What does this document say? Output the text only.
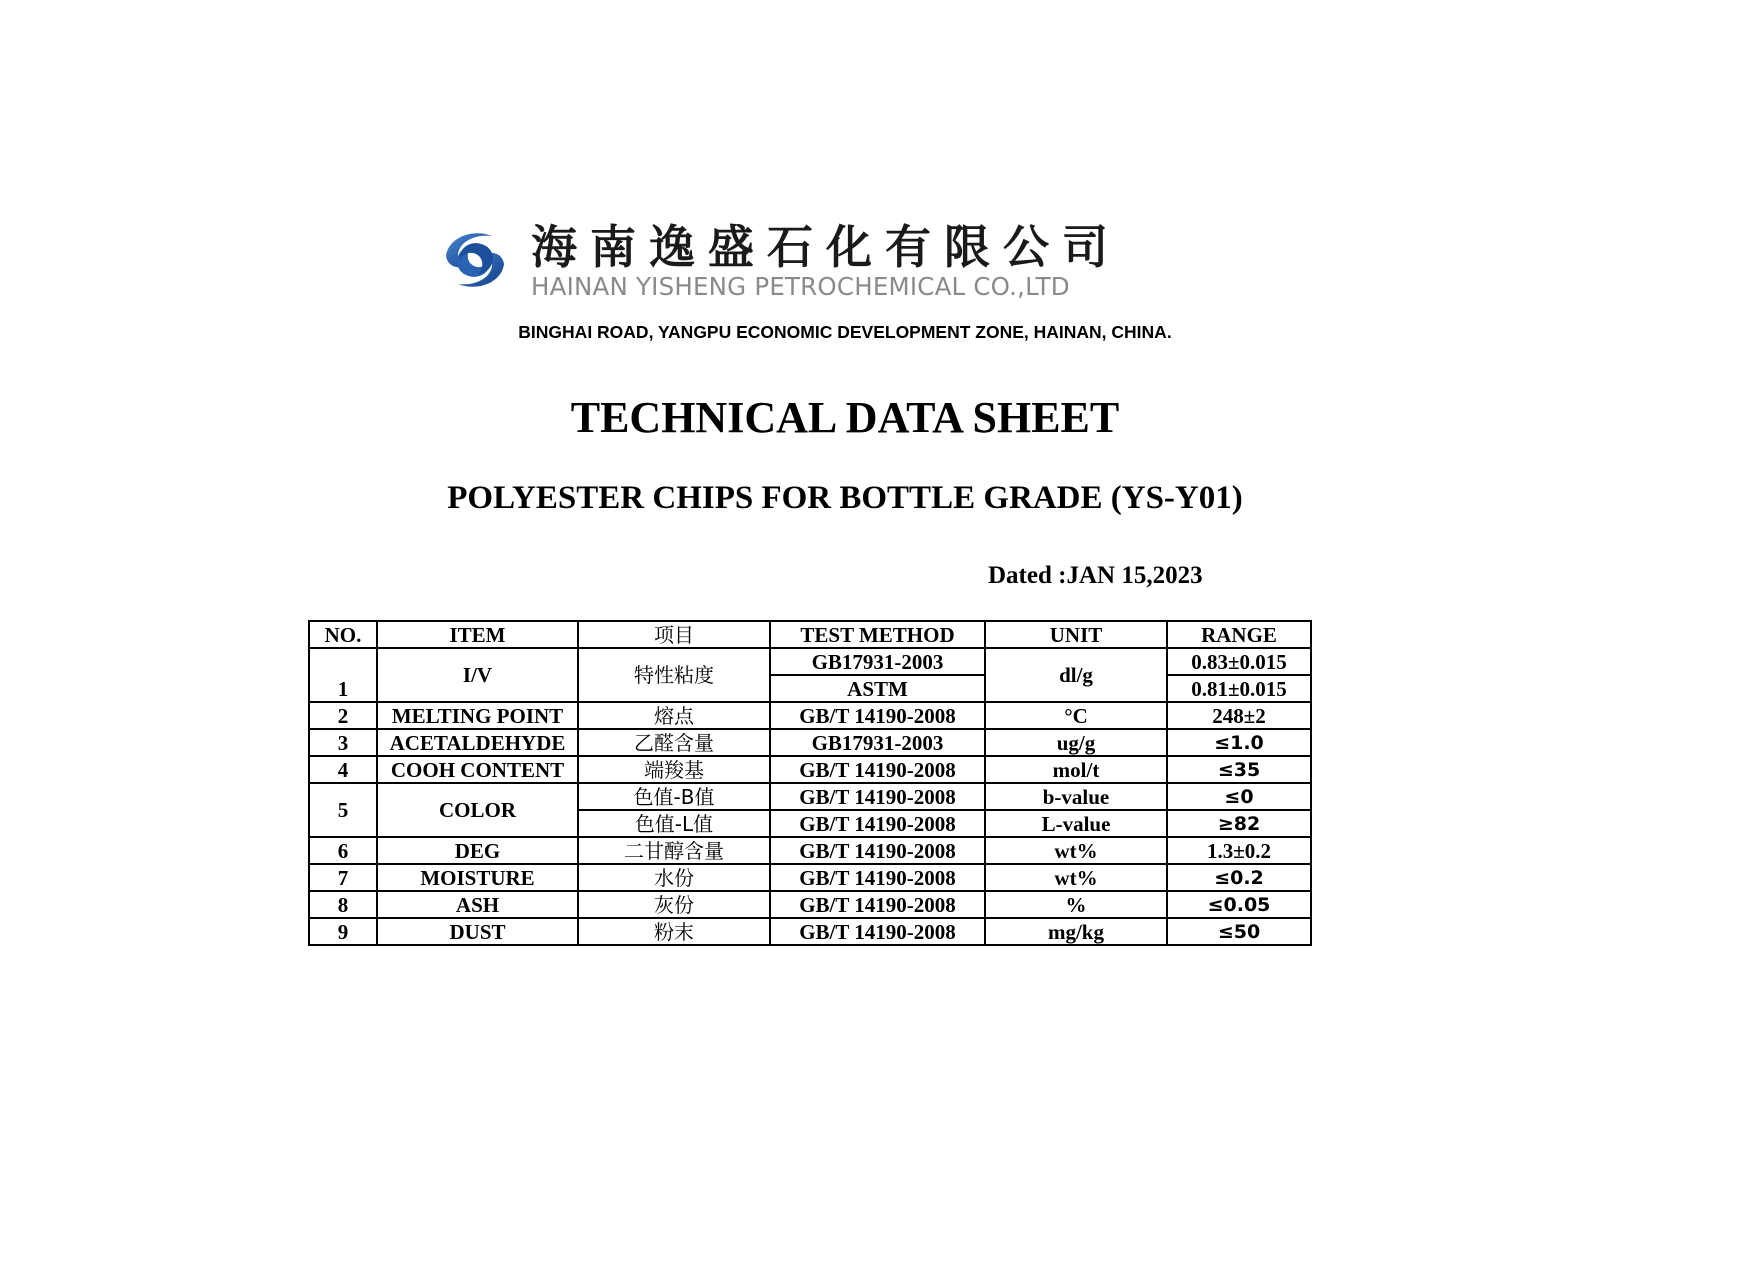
海南逸盛石化有限公司
HAINAN YISHENG PETROCHEMICAL CO.,LTD
BINGHAI ROAD, YANGPU ECONOMIC DEVELOPMENT ZONE, HAINAN, CHINA.
TECHNICAL DATA SHEET
POLYESTER CHIPS FOR BOTTLE GRADE (YS-Y01)
Dated :JAN 15,2023
NO.	ITEM	项目	TEST METHOD	UNIT	RANGE
1	I/V	特性粘度	GB17931-2003	dl/g	0.83±0.015
			ASTM		0.81±0.015
2	MELTING POINT	熔点	GB/T 14190-2008	°C	248±2
3	ACETALDEHYDE	乙醛含量	GB17931-2003	ug/g	≤1.0
4	COOH CONTENT	端羧基	GB/T 14190-2008	mol/t	≤35
5	COLOR	色值-B值	GB/T 14190-2008	b-value	≤0
		色值-L值	GB/T 14190-2008	L-value	≥82
6	DEG	二甘醇含量	GB/T 14190-2008	wt%	1.3±0.2
7	MOISTURE	水份	GB/T 14190-2008	wt%	≤0.2
8	ASH	灰份	GB/T 14190-2008	%	≤0.05
9	DUST	粉末	GB/T 14190-2008	mg/kg	≤50
